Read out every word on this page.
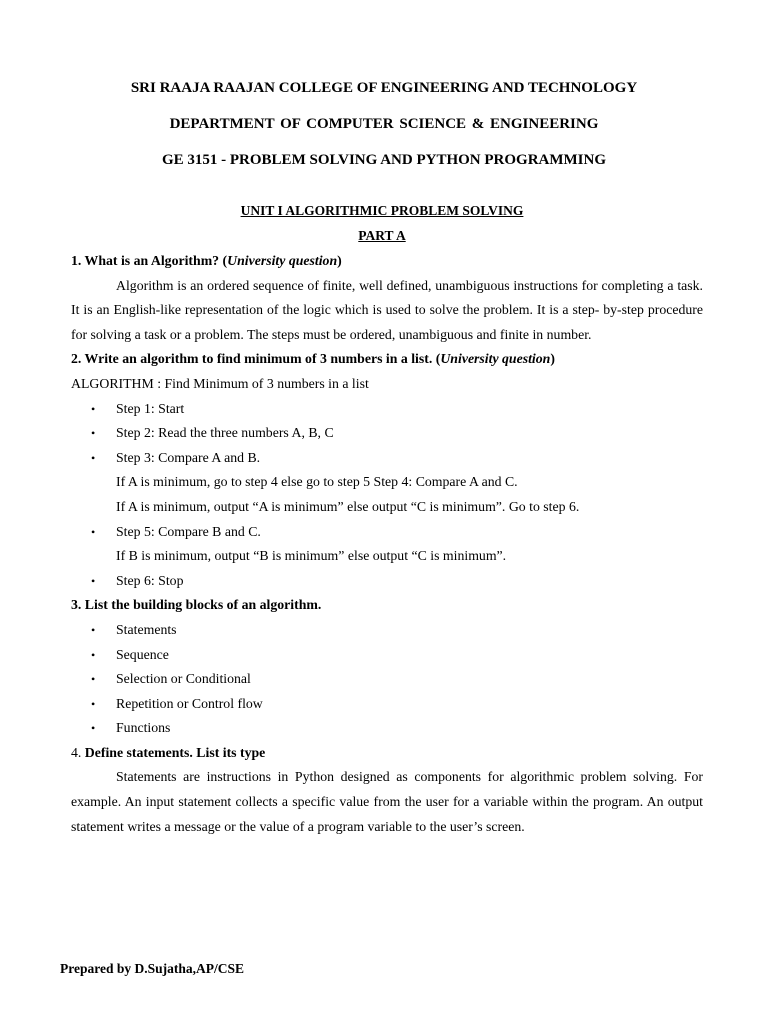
SRI RAAJA RAAJAN COLLEGE OF ENGINEERING AND TECHNOLOGY
DEPARTMENT OF COMPUTER SCIENCE & ENGINEERING
GE 3151 - PROBLEM SOLVING AND PYTHON PROGRAMMING
UNIT I ALGORITHMIC PROBLEM SOLVING
PART A
1. What is an Algorithm? (University question)

Algorithm is an ordered sequence of finite, well defined, unambiguous instructions for completing a task. It is an English-like representation of the logic which is used to solve the problem. It is a step- by-step procedure for solving a task or a problem. The steps must be ordered, unambiguous and finite in number.

2. Write an algorithm to find minimum of 3 numbers in a list. (University question)

ALGORITHM : Find Minimum of 3 numbers in a list

• Step 1: Start
• Step 2: Read the three numbers A, B, C
• Step 3: Compare A and B.
If A is minimum, go to step 4 else go to step 5 Step 4: Compare A and C.
If A is minimum, output “A is minimum” else output “C is minimum”. Go to step 6.
• Step 5: Compare B and C.
If B is minimum, output “B is minimum” else output “C is minimum”.
• Step 6: Stop
3. List the building blocks of an algorithm.
• Statements
• Sequence
• Selection or Conditional
• Repetition or Control flow
• Functions
4. Define statements. List its type

Statements are instructions in Python designed as components for algorithmic problem solving. For example. An input statement collects a specific value from the user for a variable within the program. An output statement writes a message or the value of a program variable to the user’s screen.

Prepared by D.Sujatha,AP/CSE
